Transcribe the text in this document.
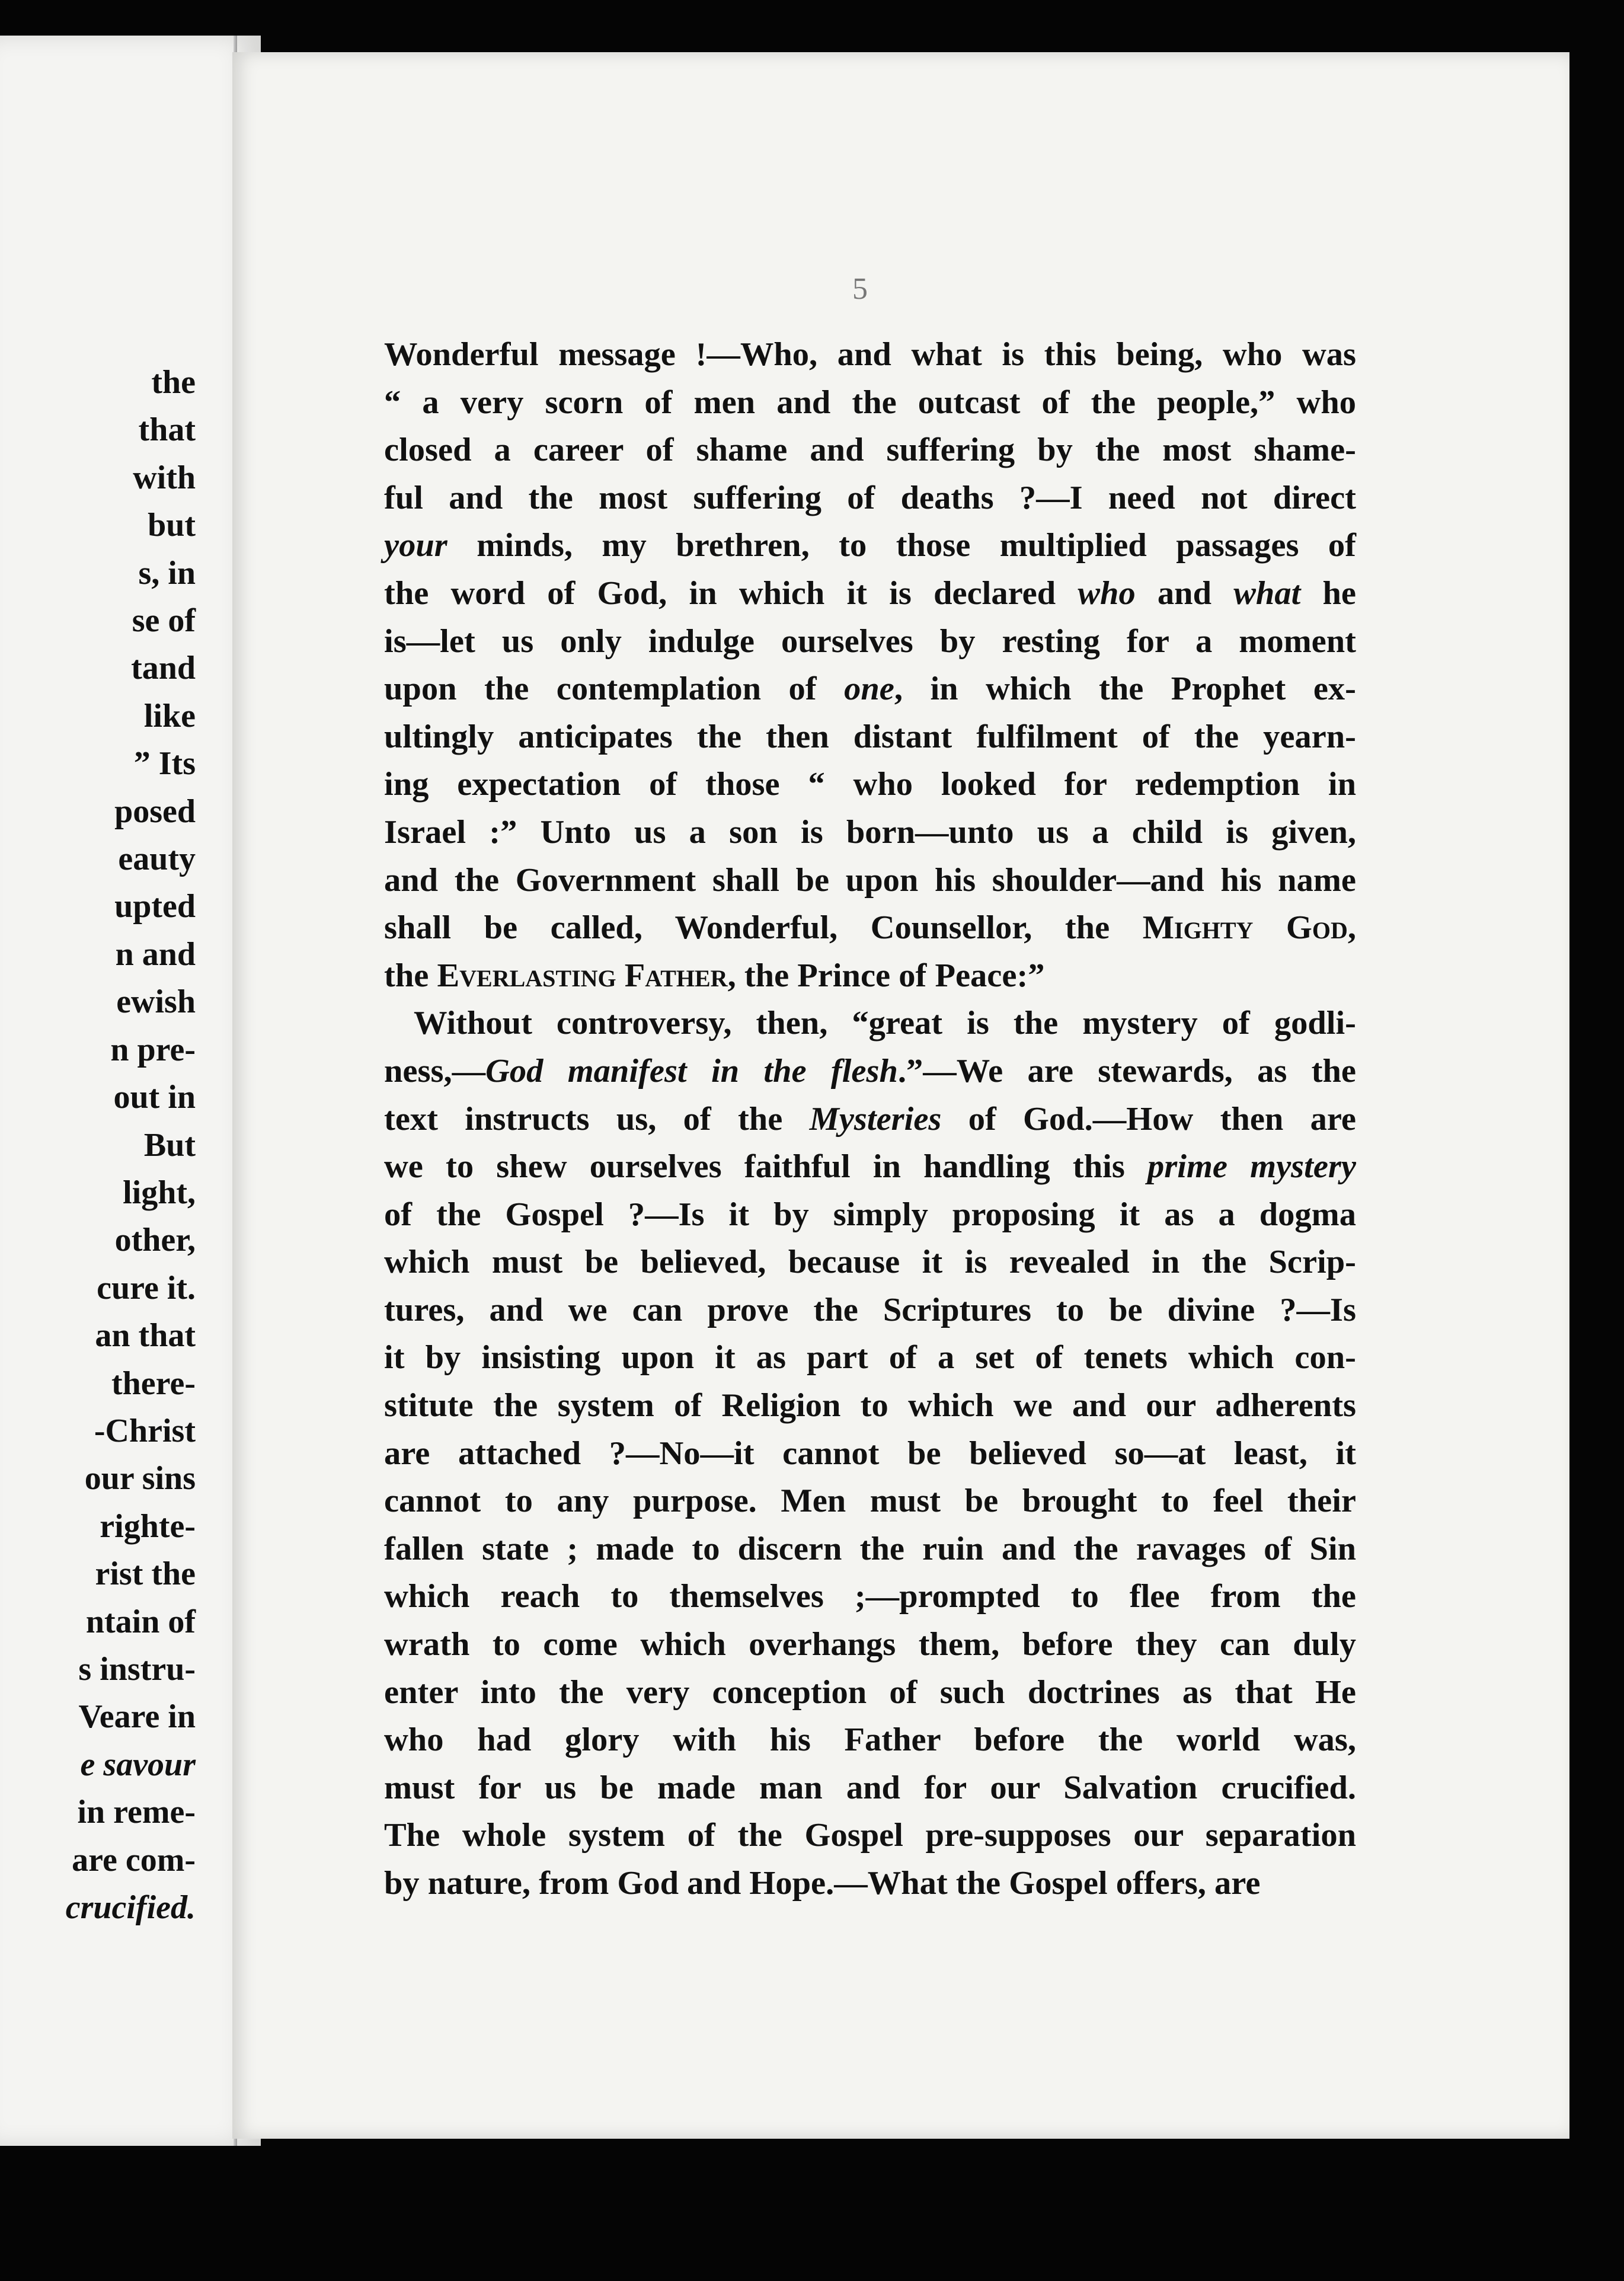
the
that
with
but
s, in
se of
tand
like
” Its
posed
eauty
upted
n and
ewish
n pre-
out in
But
light,
other,
cure it.
an that
there-
-Christ
our sins
righte-
rist the
ntain of
s instru-
Veare in
e savour
in reme-
are com-
crucified.
5

Wonderful message !—Who, and what is this being, who was

“ a very scorn of men and the outcast of the people,” who

closed a career of shame and suffering by the most shame-

ful and the most suffering of deaths ?—I need not direct

your minds, my brethren, to those multiplied passages of

the word of God, in which it is declared who and what he

is—let us only indulge ourselves by resting for a moment

upon the contemplation of one, in which the Prophet ex-

ultingly anticipates the then distant fulfilment of the yearn-

ing expectation of those “ who looked for redemption in

Israel :” Unto us a son is born—unto us a child is given,

and the Government shall be upon his shoulder—and his name

shall be called, Wonderful, Counsellor, the Mighty God,

the Everlasting Father, the Prince of Peace:”

Without controversy, then, “great is the mystery of godli-

ness,—God manifest in the flesh.”—We are stewards, as the

text instructs us, of the Mysteries of God.—How then are

we to shew ourselves faithful in handling this prime mystery

of the Gospel ?—Is it by simply proposing it as a dogma

which must be believed, because it is revealed in the Scrip-

tures, and we can prove the Scriptures to be divine ?—Is

it by insisting upon it as part of a set of tenets which con-

stitute the system of Religion to which we and our adherents

are attached ?—No—it cannot be believed so—at least, it

cannot to any purpose. Men must be brought to feel their

fallen state ; made to discern the ruin and the ravages of Sin

which reach to themselves ;—prompted to flee from the

wrath to come which overhangs them, before they can duly

enter into the very conception of such doctrines as that He

who had glory with his Father before the world was,

must for us be made man and for our Salvation crucified.

The whole system of the Gospel pre-supposes our separation

by nature, from God and Hope.—What the Gospel offers, are
